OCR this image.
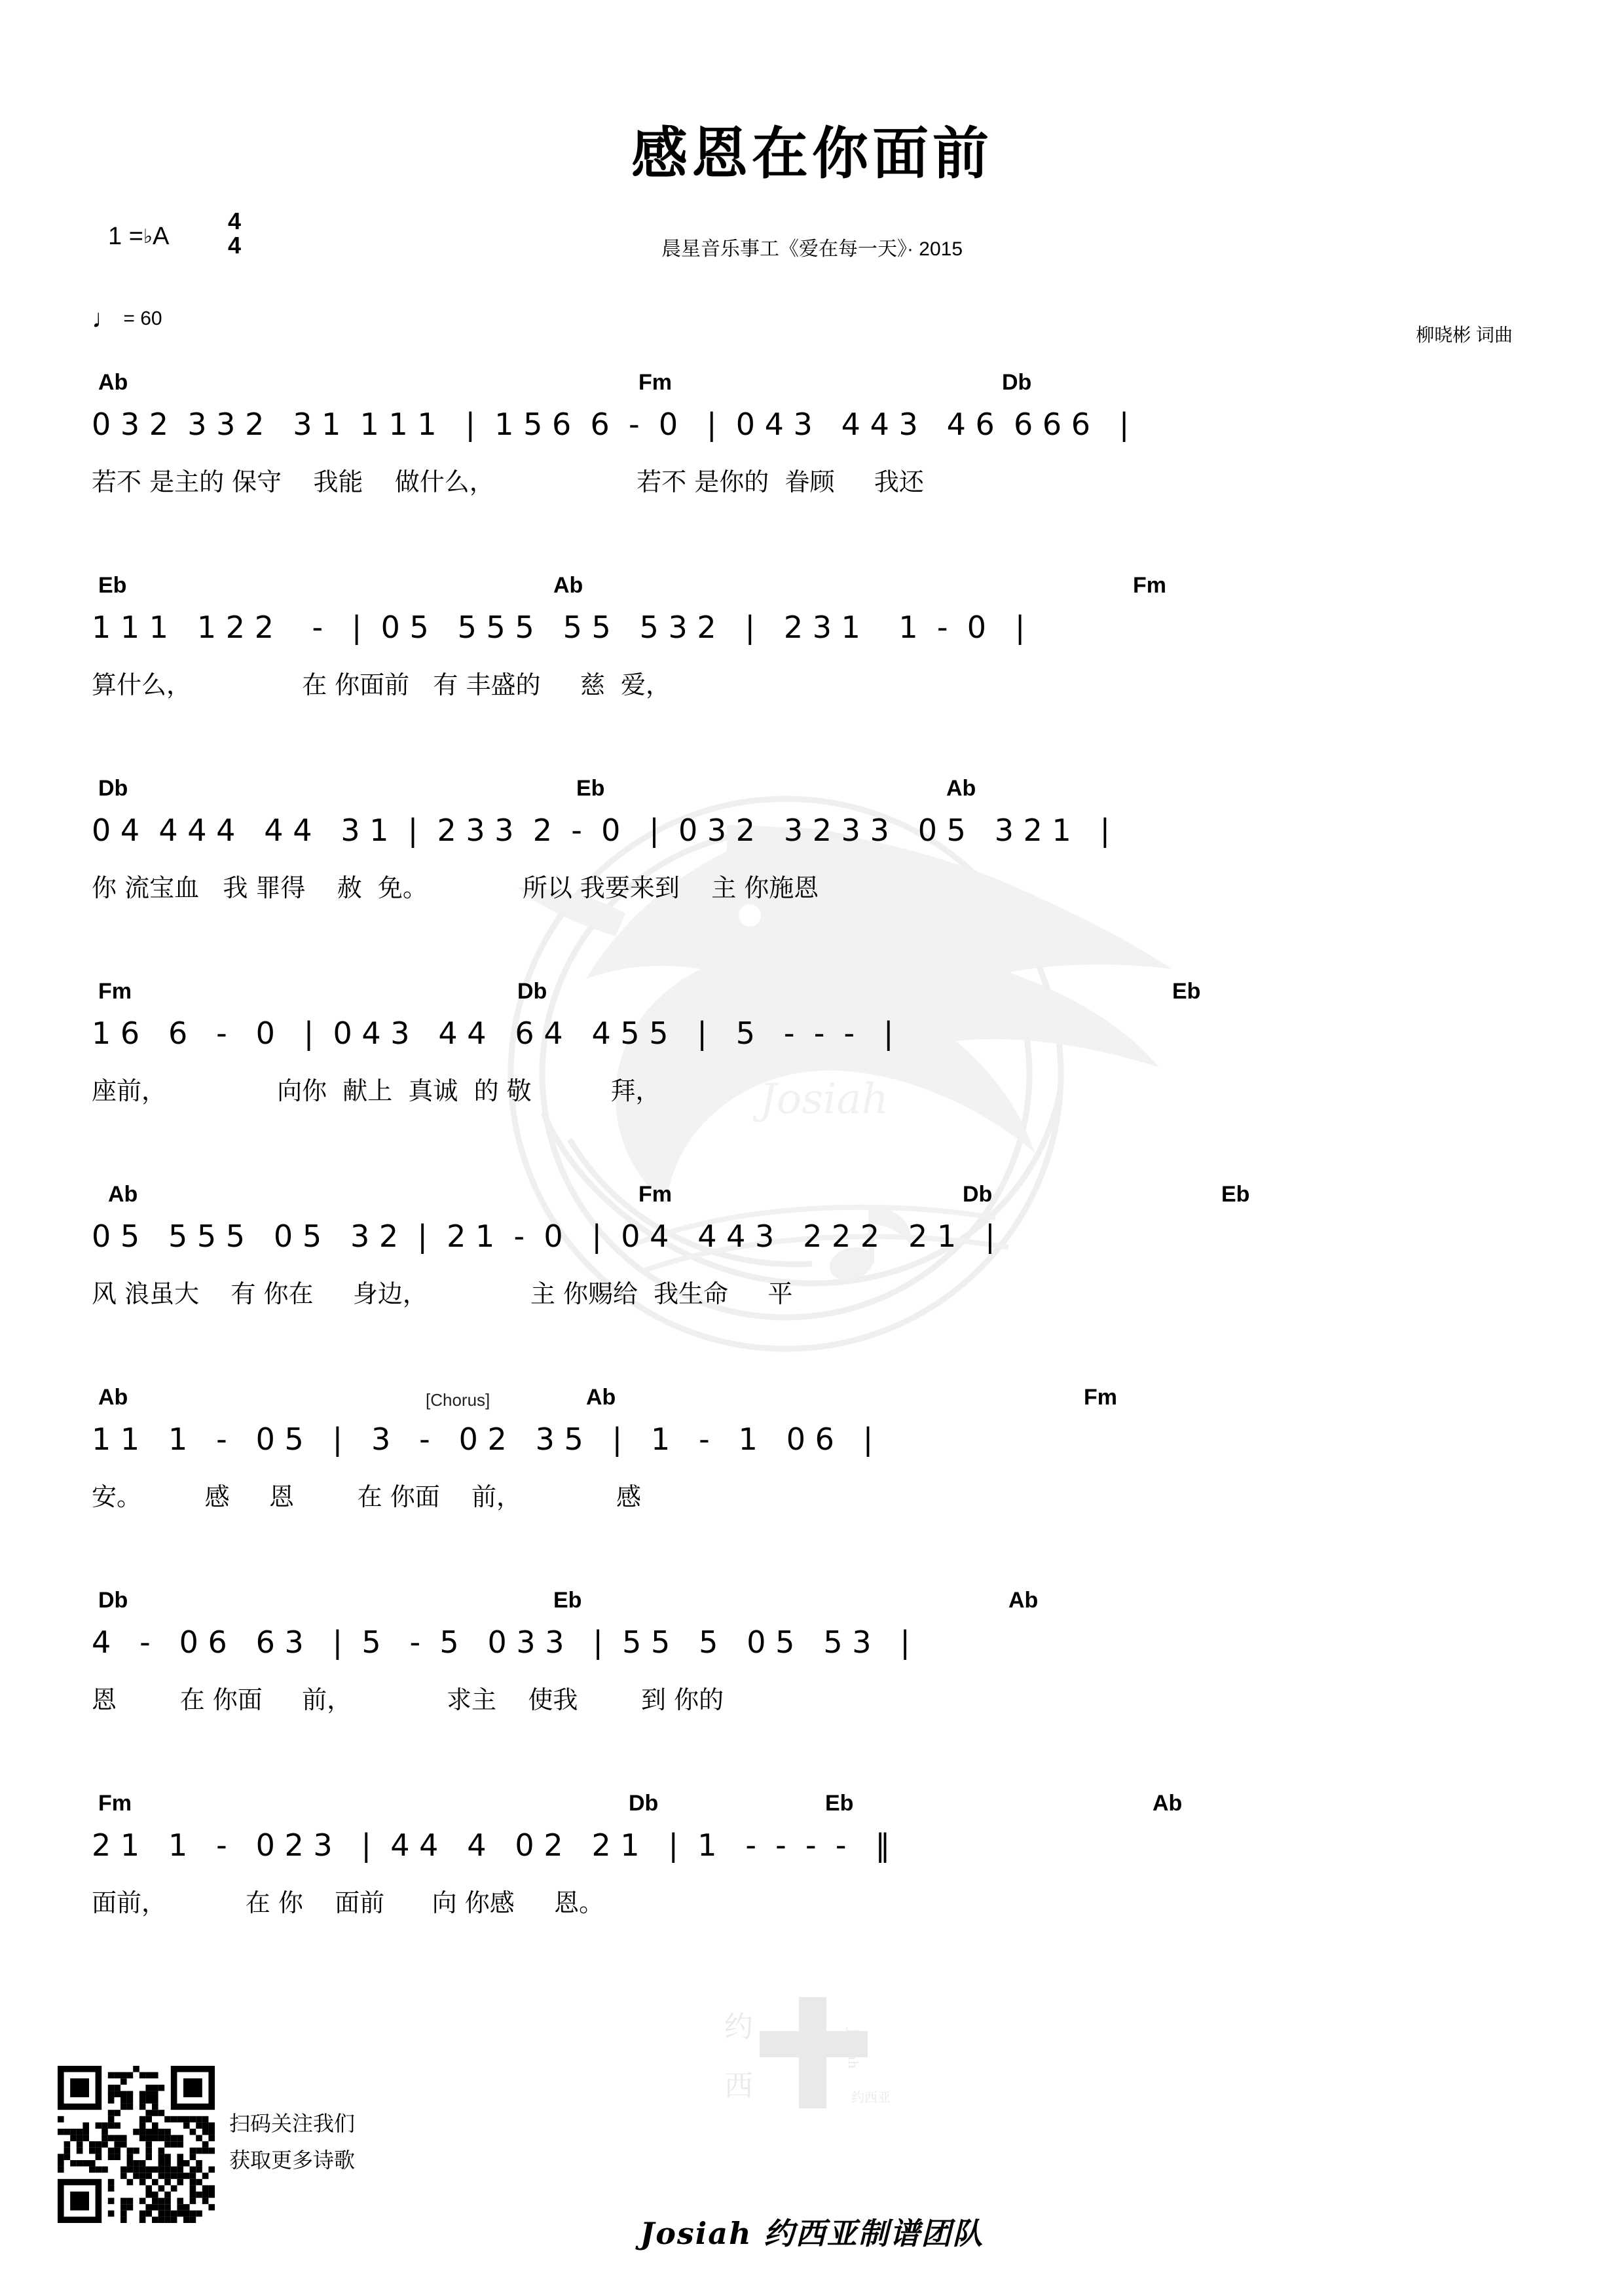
Josiah
约
西
Josiah
约西亚
感恩在你面前
晨星音乐事工《爱在每一天》· 2015
1 =♭A
4
4
♩ = 60
柳晓彬 词曲
Ab	Fm	Db
0 3 2  3 3 2   3 1  1 1 1   |  1 5 6  6  -  0   |  0 4 3   4 4 3   4 6  6 6 6   |
若不 是主的 保守    我能    做什么，                  若不 是你的  眷顾     我还
Eb	Ab	Fm
1 1 1   1 2 2    -   |  0 5   5 5 5   5 5   5 3 2   |   2 3 1    1  -  0   |
算什么，              在 你面前   有 丰盛的     慈  爱，
Db	Eb	Ab
0 4  4 4 4   4 4   3 1  |  2 3 3  2  -  0   |  0 3 2   3 2 3 3   0 5   3 2 1   |
你 流宝血   我 罪得    赦  免。            所以 我要来到    主 你施恩
Fm	Db	Eb
1 6   6   -   0   |  0 4 3   4 4   6 4   4 5 5   |   5   -  -  -   |
座前，              向你  献上  真诚  的 敬          拜，
Ab	Fm	Db	Eb
0 5   5 5 5   0 5   3 2  |  2 1  -  0   |  0 4   4 4 3   2 2 2   2 1   |
风 浪虽大    有 你在     身边，             主 你赐给  我生命     平
Ab	Ab	Fm
[Chorus]
1 1   1   -   0 5   |   3   -   0 2   3 5   |   1   -   1   0 6   |
安。        感     恩        在 你面    前，            感
Db	Eb	Ab
4   -   0 6   6 3   |  5   -  5   0 3 3   |  5 5   5   0 5   5 3   |
恩        在 你面     前，            求主    使我        到 你的
Fm	Db	Eb	Ab
2 1   1   -   0 2 3   |  4 4   4   0 2   2 1   |  1   -  -  -  -   ‖
面前，          在 你    面前      向 你感     恩。
扫码关注我们
获取更多诗歌
Josiah 约西亚制谱团队
